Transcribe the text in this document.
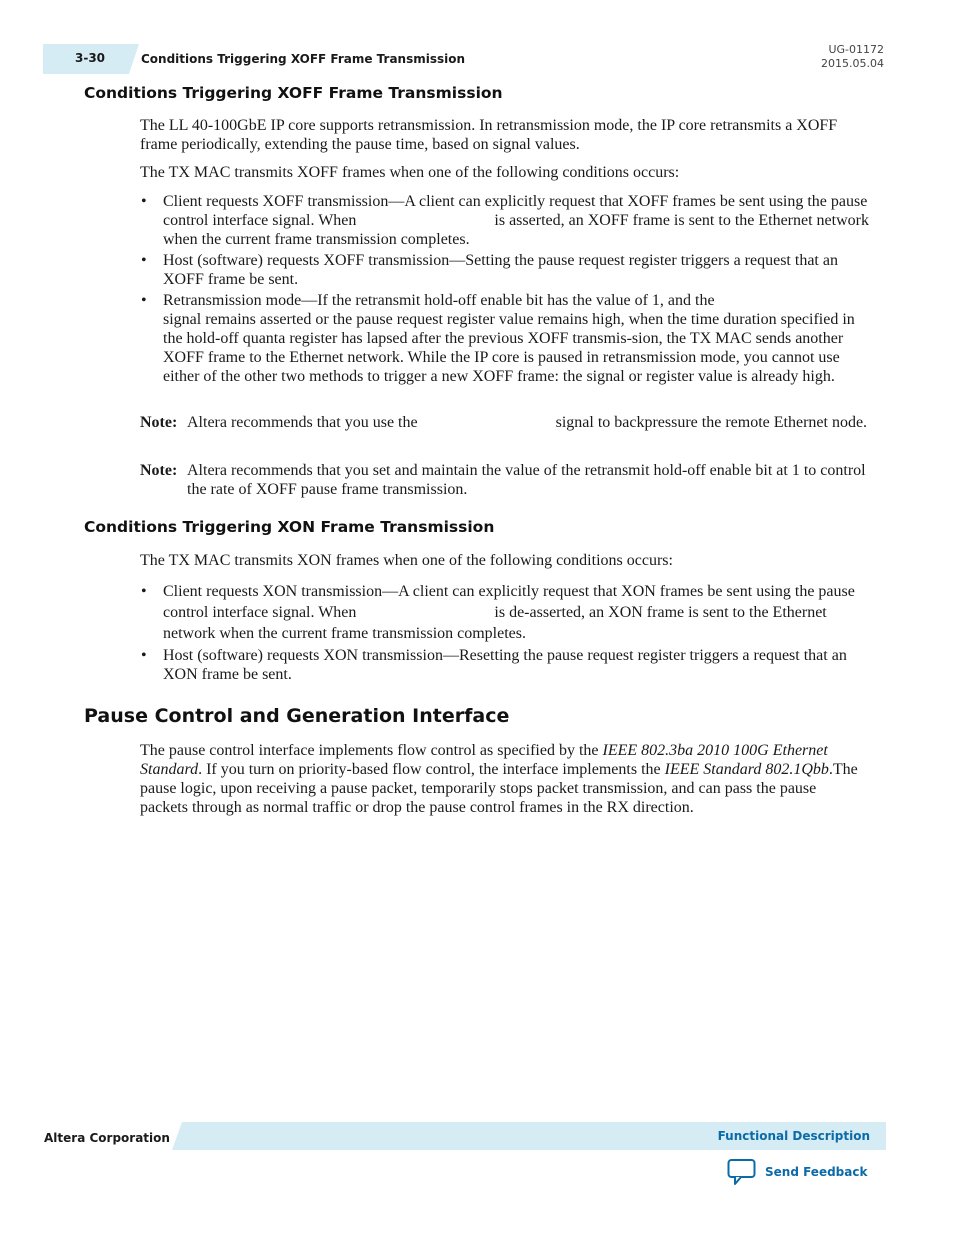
3-30	Conditions Triggering XOFF Frame Transmission
UG-01172
2015.05.04
Conditions Triggering XOFF Frame Transmission

The LL 40-100GbE IP core supports retransmission. In retransmission mode, the IP core retransmits a XOFF frame periodically, extending the pause time, based on signal values.

The TX MAC transmits XOFF frames when one of the following conditions occurs:

• Client requests XOFF transmission—A client can explicitly request that XOFF frames be sent using the pause control interface signal. When	is asserted, an XOFF frame is sent to the Ethernet network when the current frame transmission completes.
• Host (software) requests XOFF transmission—Setting the pause request register triggers a request that an XOFF frame be sent.
• Retransmission mode—If the retransmit hold-off enable bit has the value of 1, and the  signal remains asserted or the pause request register value remains high, when the time duration specified in the hold-off quanta register has lapsed after the previous XOFF transmis-sion, the TX MAC sends another XOFF frame to the Ethernet network. While the IP core is paused in retransmission mode, you cannot use either of the other two methods to trigger a new XOFF frame: the signal or register value is already high.
Note: Altera recommends that you use the	signal to backpressure the remote Ethernet node.
Note: Altera recommends that you set and maintain the value of the retransmit hold-off enable bit at 1 to control the rate of XOFF pause frame transmission.
Conditions Triggering XON Frame Transmission

The TX MAC transmits XON frames when one of the following conditions occurs:

• Client requests XON transmission—A client can explicitly request that XON frames be sent using the pause control interface signal. When	is de-asserted, an XON frame is sent to the Ethernet network when the current frame transmission completes.
• Host (software) requests XON transmission—Resetting the pause request register triggers a request that an XON frame be sent.
Pause Control and Generation Interface

The pause control interface implements flow control as specified by the IEEE 802.3ba 2010 100G Ethernet Standard. If you turn on priority-based flow control, the interface implements the IEEE Standard 802.1Qbb.The pause logic, upon receiving a pause packet, temporarily stops packet transmission, and can pass the pause packets through as normal traffic or drop the pause control frames in the RX direction.

Altera Corporation	Functional Description
Send Feedback
